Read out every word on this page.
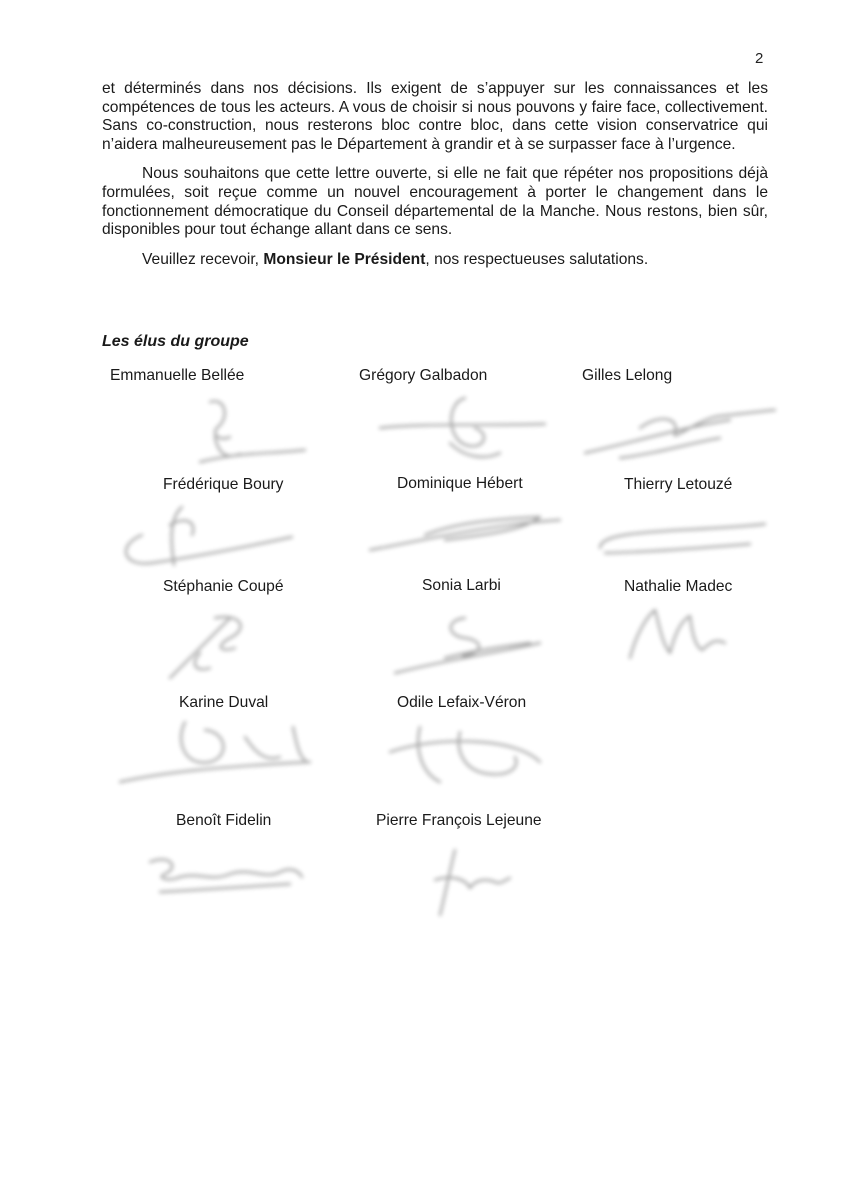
2

et déterminés dans nos décisions. Ils exigent de s’appuyer sur les connaissances et les compétences de tous les acteurs. A vous de choisir si nous pouvons y faire face, collectivement. Sans co-construction, nous resterons bloc contre bloc, dans cette vision conservatrice qui n’aidera malheureusement pas le Département à grandir et à se surpasser face à l’urgence.

Nous souhaitons que cette lettre ouverte, si elle ne fait que répéter nos propositions déjà formulées, soit reçue comme un nouvel encouragement à porter le changement dans le fonctionnement démocratique du Conseil départemental de la Manche. Nous restons, bien sûr, disponibles pour tout échange allant dans ce sens.

Veuillez recevoir, Monsieur le Président, nos respectueuses salutations.

Les élus du groupe
Emmanuelle Bellée	Grégory Galbadon	Gilles Lelong
Frédérique Boury	Dominique Hébert	Thierry Letouzé
Stéphanie Coupé	Sonia Larbi	Nathalie Madec
Karine Duval	Odile Lefaix-Véron
Benoît Fidelin	Pierre François Lejeune
